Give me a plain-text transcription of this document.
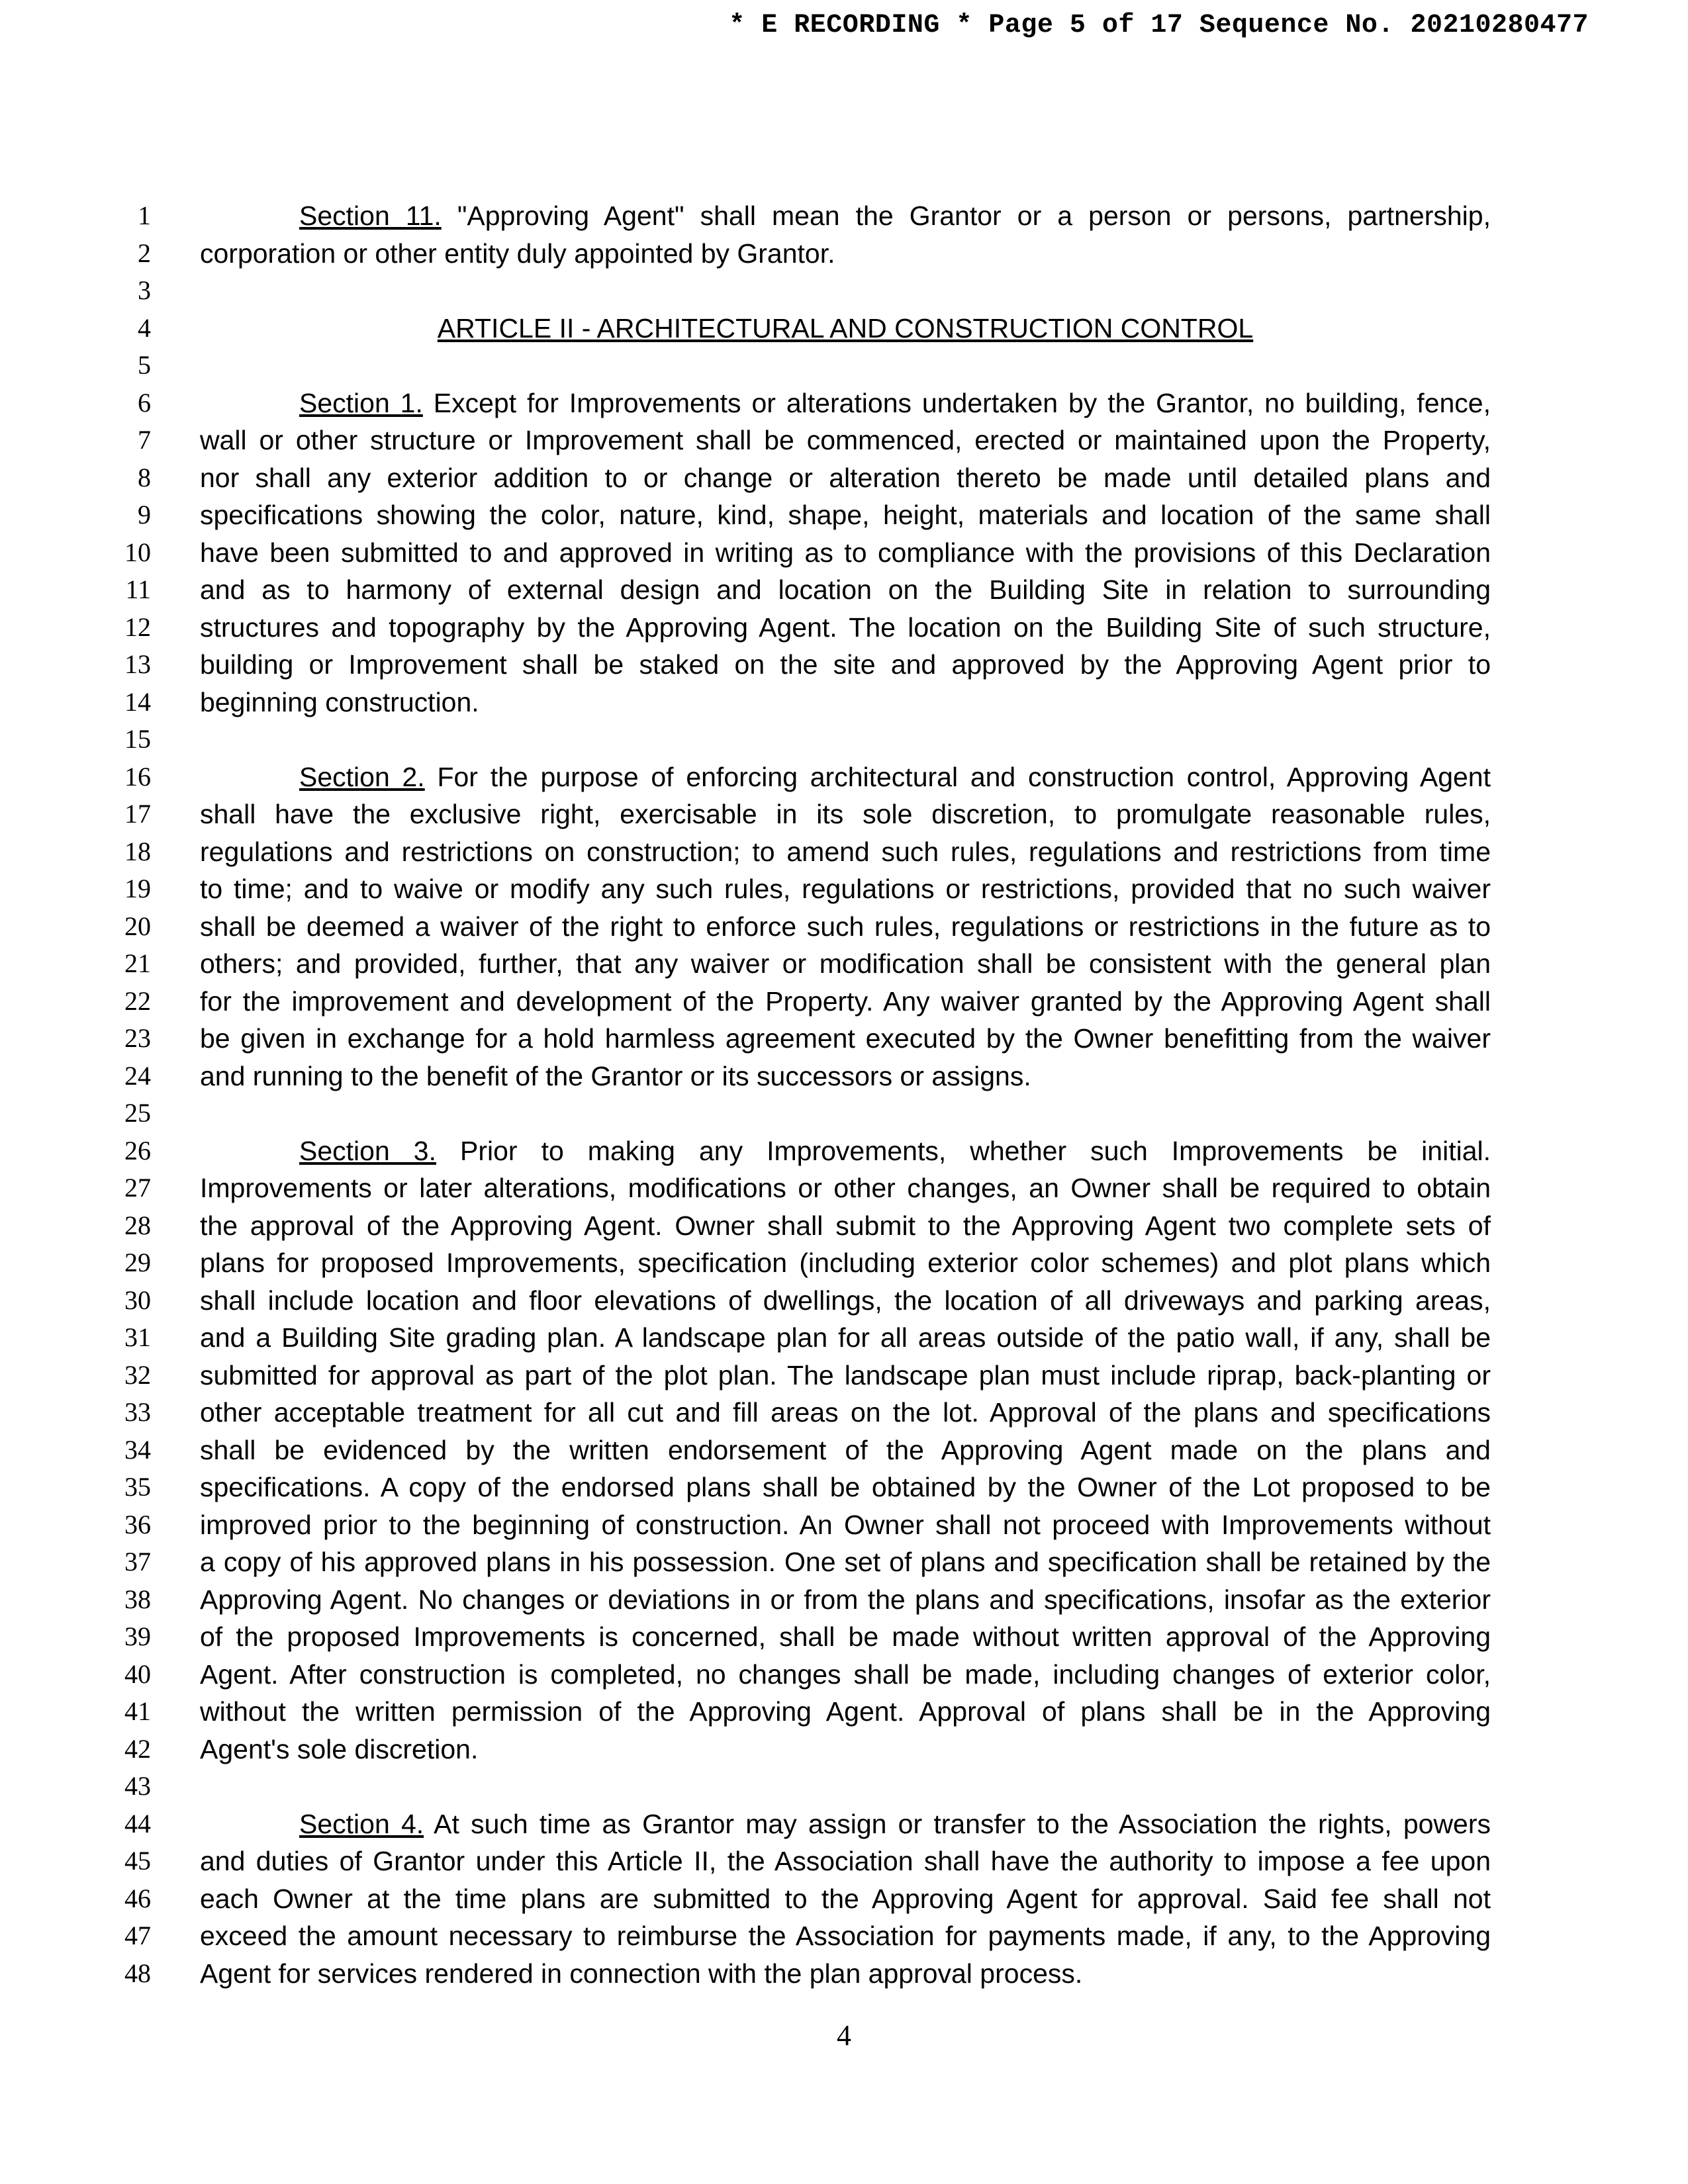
* E RECORDING * Page 5 of 17 Sequence No. 20210280477
1	Section 11. "Approving Agent" shall mean the Grantor or a person or persons, partnership,
2 corporation or other entity duly appointed by Grantor.
3
4	ARTICLE II - ARCHITECTURAL AND CONSTRUCTION CONTROL
5
6	Section 1. Except for Improvements or alterations undertaken by the Grantor, no building, fence,
7 wall or other structure or Improvement shall be commenced, erected or maintained upon the Property,
8 nor shall any exterior addition to or change or alteration thereto be made until detailed plans and
9 specifications showing the color, nature, kind, shape, height, materials and location of the same shall
10 have been submitted to and approved in writing as to compliance with the provisions of this Declaration
11 and as to harmony of external design and location on the Building Site in relation to surrounding
12 structures and topography by the Approving Agent. The location on the Building Site of such structure,
13 building or Improvement shall be staked on the site and approved by the Approving Agent prior to
14 beginning construction.
15
16	Section 2. For the purpose of enforcing architectural and construction control, Approving Agent
17 shall have the exclusive right, exercisable in its sole discretion, to promulgate reasonable rules,
18 regulations and restrictions on construction; to amend such rules, regulations and restrictions from time
19 to time; and to waive or modify any such rules, regulations or restrictions, provided that no such waiver
20 shall be deemed a waiver of the right to enforce such rules, regulations or restrictions in the future as to
21 others; and provided, further, that any waiver or modification shall be consistent with the general plan
22 for the improvement and development of the Property. Any waiver granted by the Approving Agent shall
23 be given in exchange for a hold harmless agreement executed by the Owner benefitting from the waiver
24 and running to the benefit of the Grantor or its successors or assigns.
25
26	Section 3. Prior to making any Improvements, whether such Improvements be initial.
27 Improvements or later alterations, modifications or other changes, an Owner shall be required to obtain
28 the approval of the Approving Agent. Owner shall submit to the Approving Agent two complete sets of
29 plans for proposed Improvements, specification (including exterior color schemes) and plot plans which
30 shall include location and floor elevations of dwellings, the location of all driveways and parking areas,
31 and a Building Site grading plan. A landscape plan for all areas outside of the patio wall, if any, shall be
32 submitted for approval as part of the plot plan. The landscape plan must include riprap, back-planting or
33 other acceptable treatment for all cut and fill areas on the lot. Approval of the plans and specifications
34 shall be evidenced by the written endorsement of the Approving Agent made on the plans and
35 specifications. A copy of the endorsed plans shall be obtained by the Owner of the Lot proposed to be
36 improved prior to the beginning of construction. An Owner shall not proceed with Improvements without
37 a copy of his approved plans in his possession. One set of plans and specification shall be retained by the
38 Approving Agent. No changes or deviations in or from the plans and specifications, insofar as the exterior
39 of the proposed Improvements is concerned, shall be made without written approval of the Approving
40 Agent. After construction is completed, no changes shall be made, including changes of exterior color,
41 without the written permission of the Approving Agent. Approval of plans shall be in the Approving
42 Agent's sole discretion.
43
44	Section 4. At such time as Grantor may assign or transfer to the Association the rights, powers
45 and duties of Grantor under this Article II, the Association shall have the authority to impose a fee upon
46 each Owner at the time plans are submitted to the Approving Agent for approval. Said fee shall not
47 exceed the amount necessary to reimburse the Association for payments made, if any, to the Approving
48 Agent for services rendered in connection with the plan approval process.
4
